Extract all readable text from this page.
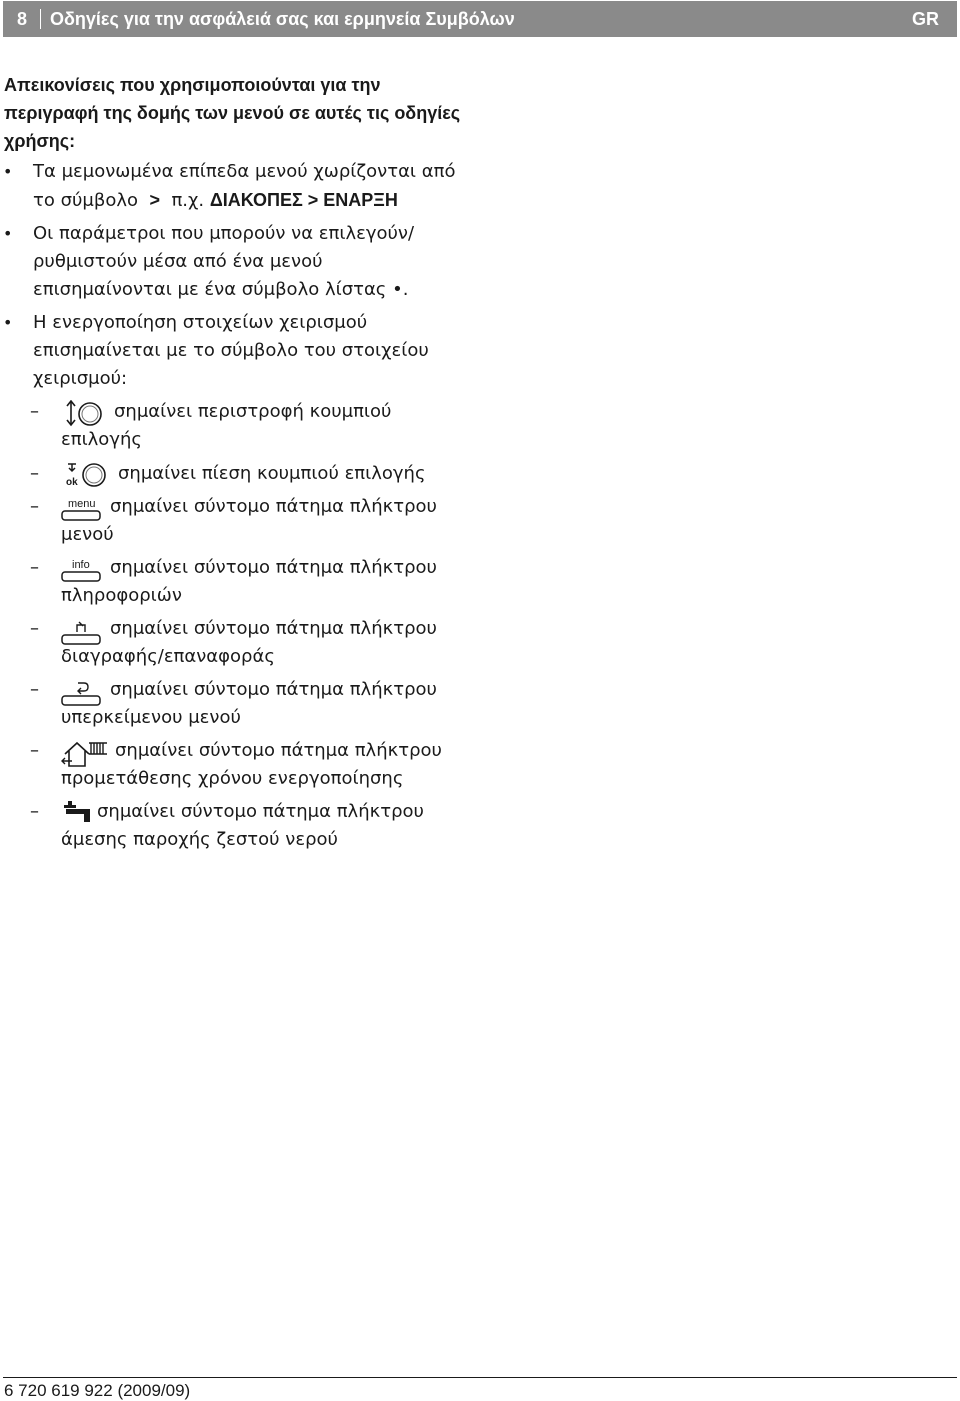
8 Οδηγίες για την ασφάλειά σας και ερμηνεία Συμβόλων	GR
Απεικονίσεις που χρησιμοποιούνται για την περιγραφή της δομής των μενού σε αυτές τις οδηγίες χρήσης:
• Τα μεμονωμένα επίπεδα μενού χωρίζονται από
το σύμβολο > π.χ. ΔΙΑΚΟΠΕΣ > ΕΝΑΡΞΗ
• Οι παράμετροι που μπορούν να επιλεγούν/
ρυθμιστούν μέσα από ένα μενού
επισημαίνονται με ένα σύμβολο λίστας •.
• Η ενεργοποίηση στοιχείων χειρισμού
επισημαίνεται με το σύμβολο του στοιχείου
χειρισμού:
–	σημαίνει περιστροφή κουμπιού
επιλογής
–	ok σημαίνει πίεση κουμπιού επιλογής
–	menu σημαίνει σύντομο πάτημα πλήκτρου
μενού
–	info σημαίνει σύντομο πάτημα πλήκτρου
πληροφοριών
–	σημαίνει σύντομο πάτημα πλήκτρου
διαγραφής/επαναφοράς
–	σημαίνει σύντομο πάτημα πλήκτρου
υπερκείμενου μενού
–	σημαίνει σύντομο πάτημα πλήκτρου
προμετάθεσης χρόνου ενεργοποίησης
–	σημαίνει σύντομο πάτημα πλήκτρου
άμεσης παροχής ζεστού νερού
6 720 619 922 (2009/09)
